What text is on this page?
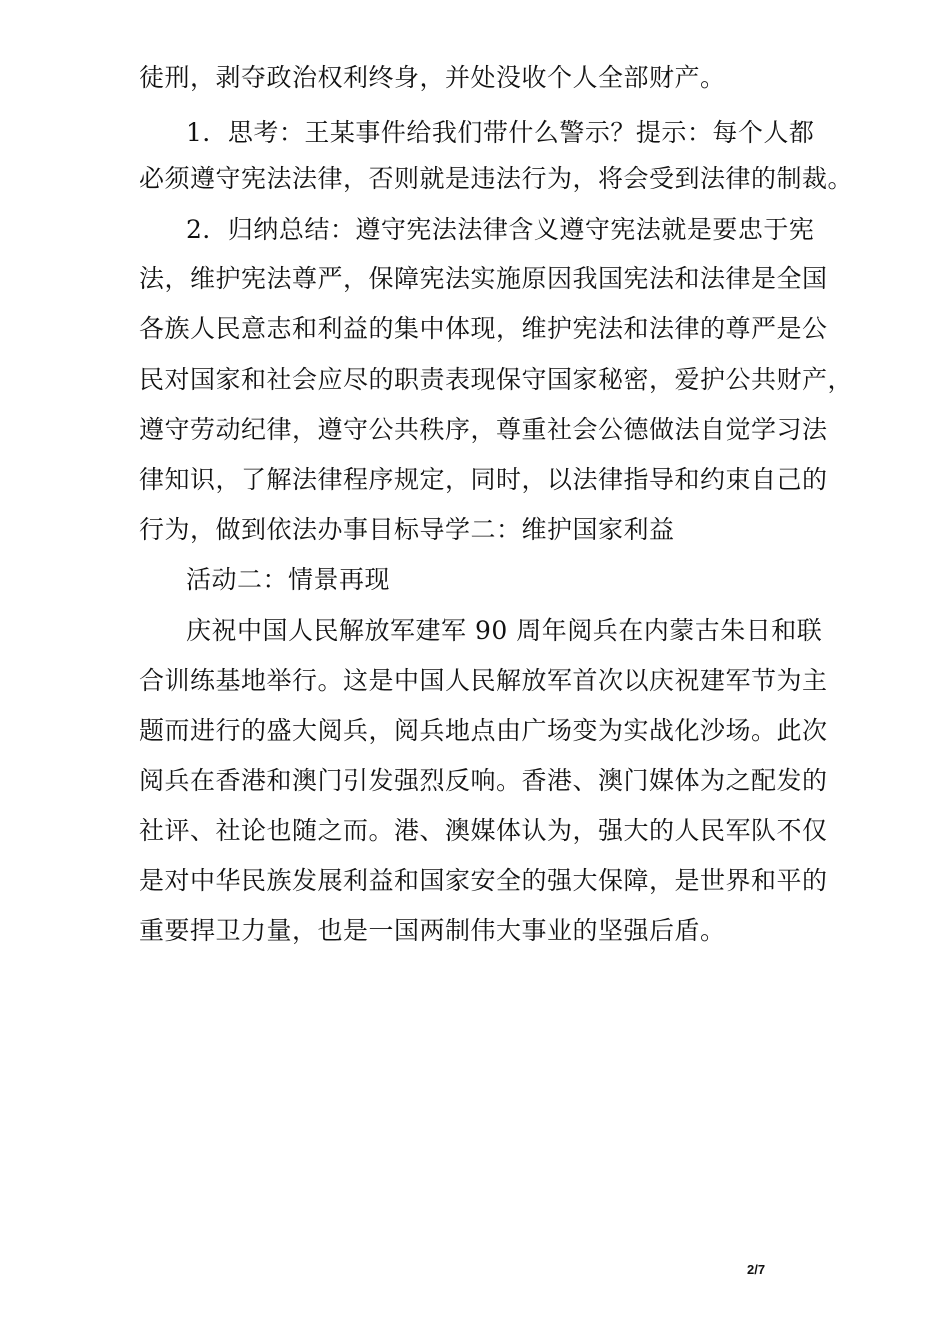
徒刑，剥夺政治权利终身，并处没收个人全部财产。
1．思考：王某事件给我们带什么警示？提示：每个人都
必须遵守宪法法律，否则就是违法行为，将会受到法律的制裁。
2．归纳总结：遵守宪法法律含义遵守宪法就是要忠于宪
法，维护宪法尊严，保障宪法实施原因我国宪法和法律是全国
各族人民意志和利益的集中体现，维护宪法和法律的尊严是公
民对国家和社会应尽的职责表现保守国家秘密，爱护公共财产，
遵守劳动纪律，遵守公共秩序，尊重社会公德做法自觉学习法
律知识，了解法律程序规定，同时，以法律指导和约束自己的
行为，做到依法办事目标导学二：维护国家利益
活动二：情景再现
庆祝中国人民解放军建军 90 周年阅兵在内蒙古朱日和联
合训练基地举行。这是中国人民解放军首次以庆祝建军节为主
题而进行的盛大阅兵，阅兵地点由广场变为实战化沙场。此次
阅兵在香港和澳门引发强烈反响。香港、澳门媒体为之配发的
社评、社论也随之而。港、澳媒体认为，强大的人民军队不仅
是对中华民族发展利益和国家安全的强大保障，是世界和平的
重要捍卫力量，也是一国两制伟大事业的坚强后盾。
2/7
